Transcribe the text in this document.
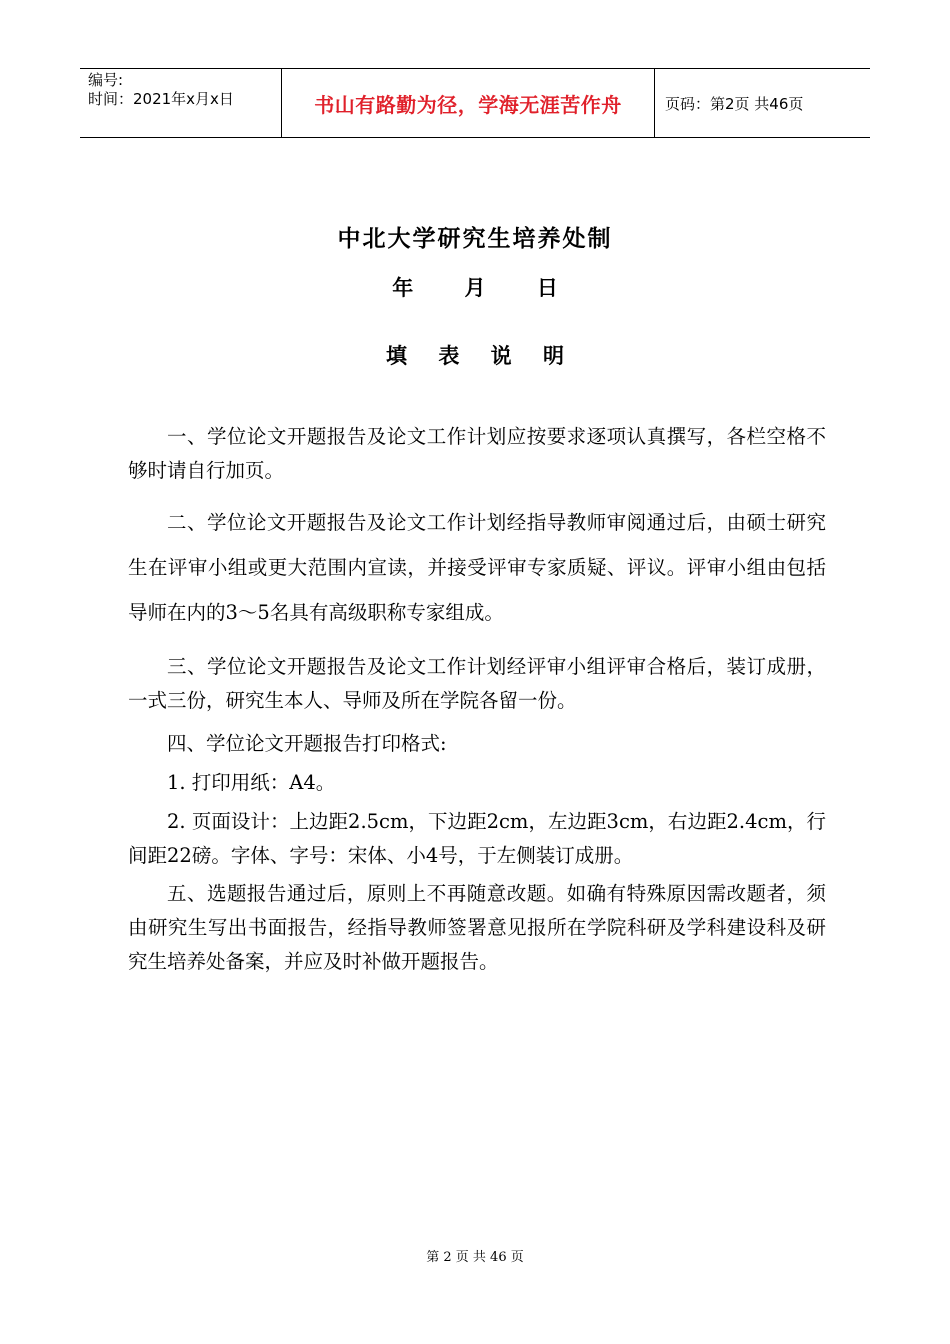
编号:
时间：2021年x月x日	书山有路勤为径，学海无涯苦作舟	页码：第2页 共46页
中北大学研究生培养处制
年 月 日
填 表 说 明

一、学位论文开题报告及论文工作计划应按要求逐项认真撰写，各栏空格不够时请自行加页。

二、学位论文开题报告及论文工作计划经指导教师审阅通过后，由硕士研究生在评审小组或更大范围内宣读，并接受评审专家质疑、评议。评审小组由包括导师在内的3～5名具有高级职称专家组成。

三、学位论文开题报告及论文工作计划经评审小组评审合格后，装订成册，一式三份，研究生本人、导师及所在学院各留一份。

四、学位论文开题报告打印格式:

1. 打印用纸：A4。

2. 页面设计：上边距2.5cm，下边距2cm，左边距3cm，右边距2.4cm，行间距22磅。字体、字号：宋体、小4号，于左侧装订成册。

五、选题报告通过后，原则上不再随意改题。如确有特殊原因需改题者，须由研究生写出书面报告，经指导教师签署意见报所在学院科研及学科建设科及研究生培养处备案，并应及时补做开题报告。

第 2 页 共 46 页
